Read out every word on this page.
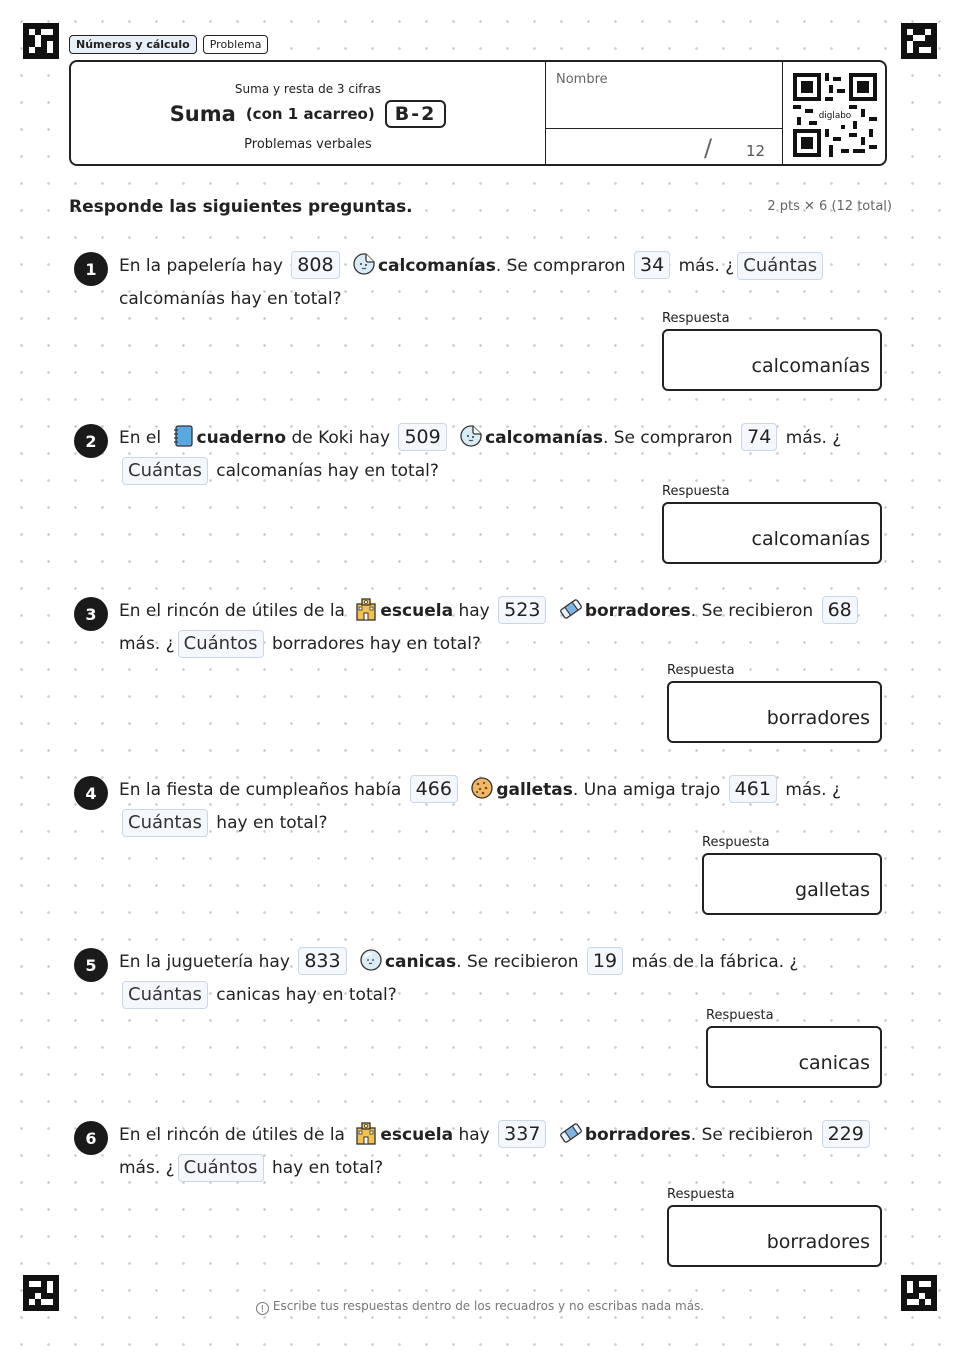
Números y cálculo	Problema
Suma y resta de 3 cifras
Suma (con 1 acarreo)	B-2
Problemas verbales
Nombre
/ 12
diglabo
Responde las siguientes preguntas.	2 pts ✕ 6 (12 total)
1	En la papelería hay 808	calcomanías. Se compraron 34 más. ¿ Cuántas calcomanías hay en total?
Respuesta
calcomanías
2	En el cuaderno de Koki hay 509	calcomanías. Se compraron 74 más. ¿Cuántas calcomanías hay en total?
Respuesta
calcomanías
3	En el rincón de útiles de la escuela hay 523	borradores. Se recibieron 68 más. ¿ Cuántos borradores hay en total?
Respuesta
borradores
4	En la fiesta de cumpleaños había 466	galletas. Una amiga trajo 461 más. ¿Cuántas hay en total?
Respuesta
galletas
5	En la juguetería hay 833	canicas. Se recibieron 19 más de la fábrica. ¿Cuántas canicas hay en total?
Respuesta
canicas
6	En el rincón de útiles de la escuela hay 337	borradores. Se recibieron 229 más. ¿ Cuántos hay en total?
Respuesta
borradores
! Escribe tus respuestas dentro de los recuadros y no escribas nada más.
